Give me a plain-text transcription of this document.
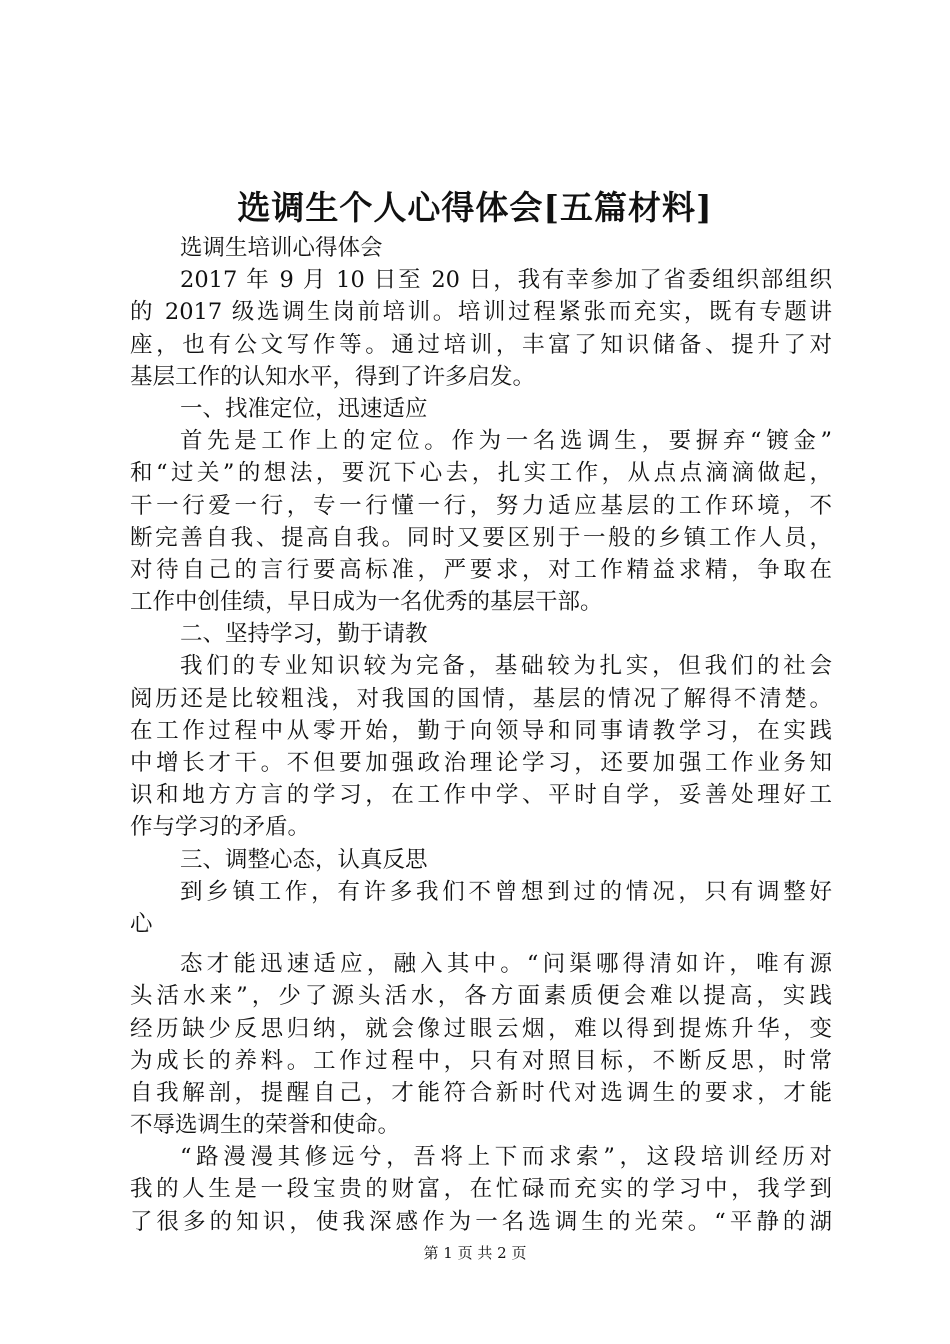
选调生个人心得体会[五篇材料]
选调生培训心得体会
2017 年 9 月 10 日至 20 日，我有幸参加了省委组织部组织
的 2017 级选调生岗前培训。培训过程紧张而充实，既有专题讲
座，也有公文写作等。通过培训，丰富了知识储备、提升了对
基层工作的认知水平，得到了许多启发。
一、找准定位，迅速适应
首先是工作上的定位。作为一名选调生，要摒弃“镀金”
和“过关”的想法，要沉下心去，扎实工作，从点点滴滴做起，
干一行爱一行，专一行懂一行，努力适应基层的工作环境，不
断完善自我、提高自我。同时又要区别于一般的乡镇工作人员，
对待自己的言行要高标准，严要求，对工作精益求精，争取在
工作中创佳绩，早日成为一名优秀的基层干部。
二、坚持学习，勤于请教
我们的专业知识较为完备，基础较为扎实，但我们的社会
阅历还是比较粗浅，对我国的国情，基层的情况了解得不清楚。
在工作过程中从零开始，勤于向领导和同事请教学习，在实践
中增长才干。不但要加强政治理论学习，还要加强工作业务知
识和地方方言的学习，在工作中学、平时自学，妥善处理好工
作与学习的矛盾。
三、调整心态，认真反思
到乡镇工作，有许多我们不曾想到过的情况，只有调整好
心
态才能迅速适应，融入其中。“问渠哪得清如许，唯有源
头活水来”，少了源头活水，各方面素质便会难以提高，实践
经历缺少反思归纳，就会像过眼云烟，难以得到提炼升华，变
为成长的养料。工作过程中，只有对照目标，不断反思，时常
自我解剖，提醒自己，才能符合新时代对选调生的要求，才能
不辱选调生的荣誉和使命。
“路漫漫其修远兮，吾将上下而求索”，这段培训经历对
我的人生是一段宝贵的财富，在忙碌而充实的学习中，我学到
了很多的知识，使我深感作为一名选调生的光荣。“平静的湖
第 1 页 共 2 页
